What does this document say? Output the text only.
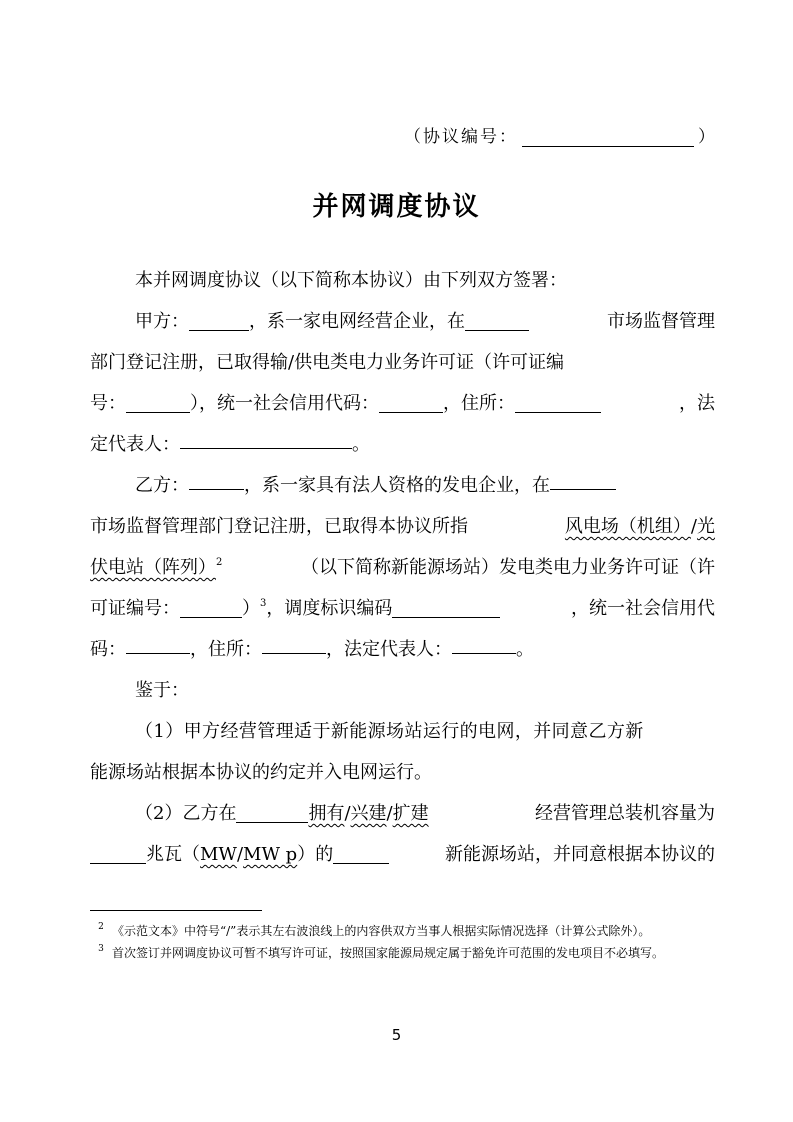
（协议编号：	）
并网调度协议
本并网调度协议（以下简称本协议）由下列双方签署：
甲方：	，系一家电网经营企业，在	市场监督管理
部门登记注册，已取得输/供电类电力业务许可证（许可证编
号：	），统一社会信用代码：	，住所：	，法
定代表人：	。
乙方：	，系一家具有法人资格的发电企业，在
市场监督管理部门登记注册，已取得本协议所指	风电场（机组）/光
伏电站（阵列）$^2$	（以下简称新能源场站）发电类电力业务许可证（许
可证编号：	）$^3$，调度标识编码	，统一社会信用代
码：	，住所：	，法定代表人：	。
鉴于：
（1）甲方经营管理适于新能源场站运行的电网，并同意乙方新
能源场站根据本协议的约定并入电网运行。
（2）乙方在	拥有/兴建/扩建	经营管理总装机容量为
兆瓦（MW/MW p）的	新能源场站，并同意根据本协议的
2 《示范文本》中符号“/”表示其左右波浪线上的内容供双方当事人根据实际情况选择（计算公式除外）。
3 首次签订并网调度协议可暂不填写许可证，按照国家能源局规定属于豁免许可范围的发电项目不必填写。
5
